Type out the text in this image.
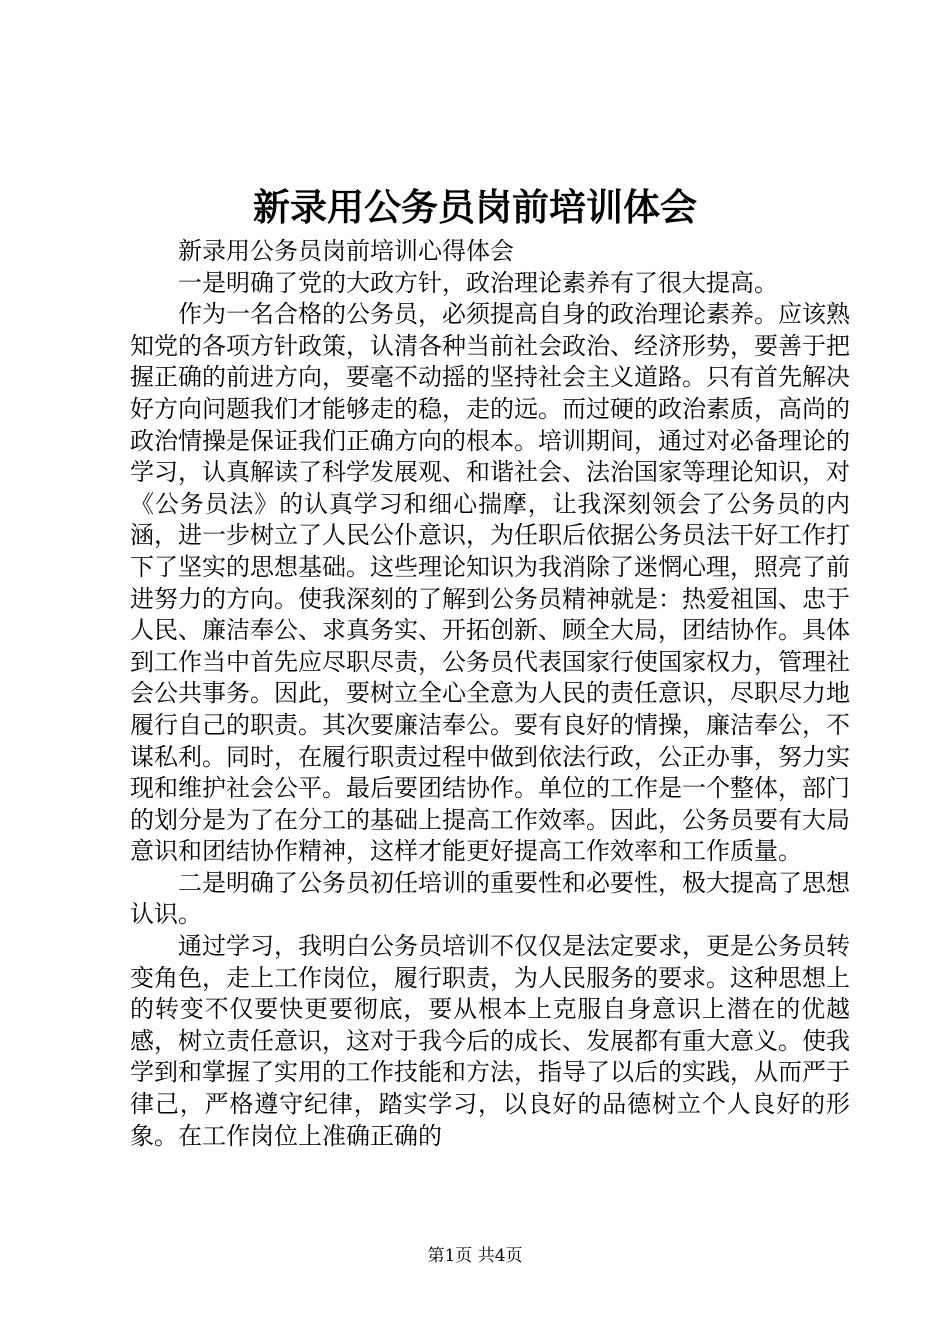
新录用公务员岗前培训体会

新录用公务员岗前培训心得体会

一是明确了党的大政方针，政治理论素养有了很大提高。

作为一名合格的公务员，必须提高自身的政治理论素养。应该熟知党的各项方针政策，认清各种当前社会政治、经济形势，要善于把握正确的前进方向，要毫不动摇的坚持社会主义道路。只有首先解决好方向问题我们才能够走的稳，走的远。而过硬的政治素质，高尚的政治情操是保证我们正确方向的根本。培训期间，通过对必备理论的学习，认真解读了科学发展观、和谐社会、法治国家等理论知识，对《公务员法》的认真学习和细心揣摩，让我深刻领会了公务员的内涵，进一步树立了人民公仆意识，为任职后依据公务员法干好工作打下了坚实的思想基础。这些理论知识为我消除了迷惘心理，照亮了前进努力的方向。使我深刻的了解到公务员精神就是：热爱祖国、忠于人民、廉洁奉公、求真务实、开拓创新、顾全大局，团结协作。具体到工作当中首先应尽职尽责，公务员代表国家行使国家权力，管理社会公共事务。因此，要树立全心全意为人民的责任意识，尽职尽力地履行自己的职责。其次要廉洁奉公。要有良好的情操，廉洁奉公，不谋私利。同时，在履行职责过程中做到依法行政，公正办事，努力实现和维护社会公平。最后要团结协作。单位的工作是一个整体，部门的划分是为了在分工的基础上提高工作效率。因此，公务员要有大局意识和团结协作精神，这样才能更好提高工作效率和工作质量。

二是明确了公务员初任培训的重要性和必要性，极大提高了思想认识。

通过学习，我明白公务员培训不仅仅是法定要求，更是公务员转变角色，走上工作岗位，履行职责，为人民服务的要求。这种思想上的转变不仅要快更要彻底，要从根本上克服自身意识上潜在的优越感，树立责任意识，这对于我今后的成长、发展都有重大意义。使我学到和掌握了实用的工作技能和方法，指导了以后的实践，从而严于律己，严格遵守纪律，踏实学习，以良好的品德树立个人良好的形象。在工作岗位上准确正确的

第1页 共4页
